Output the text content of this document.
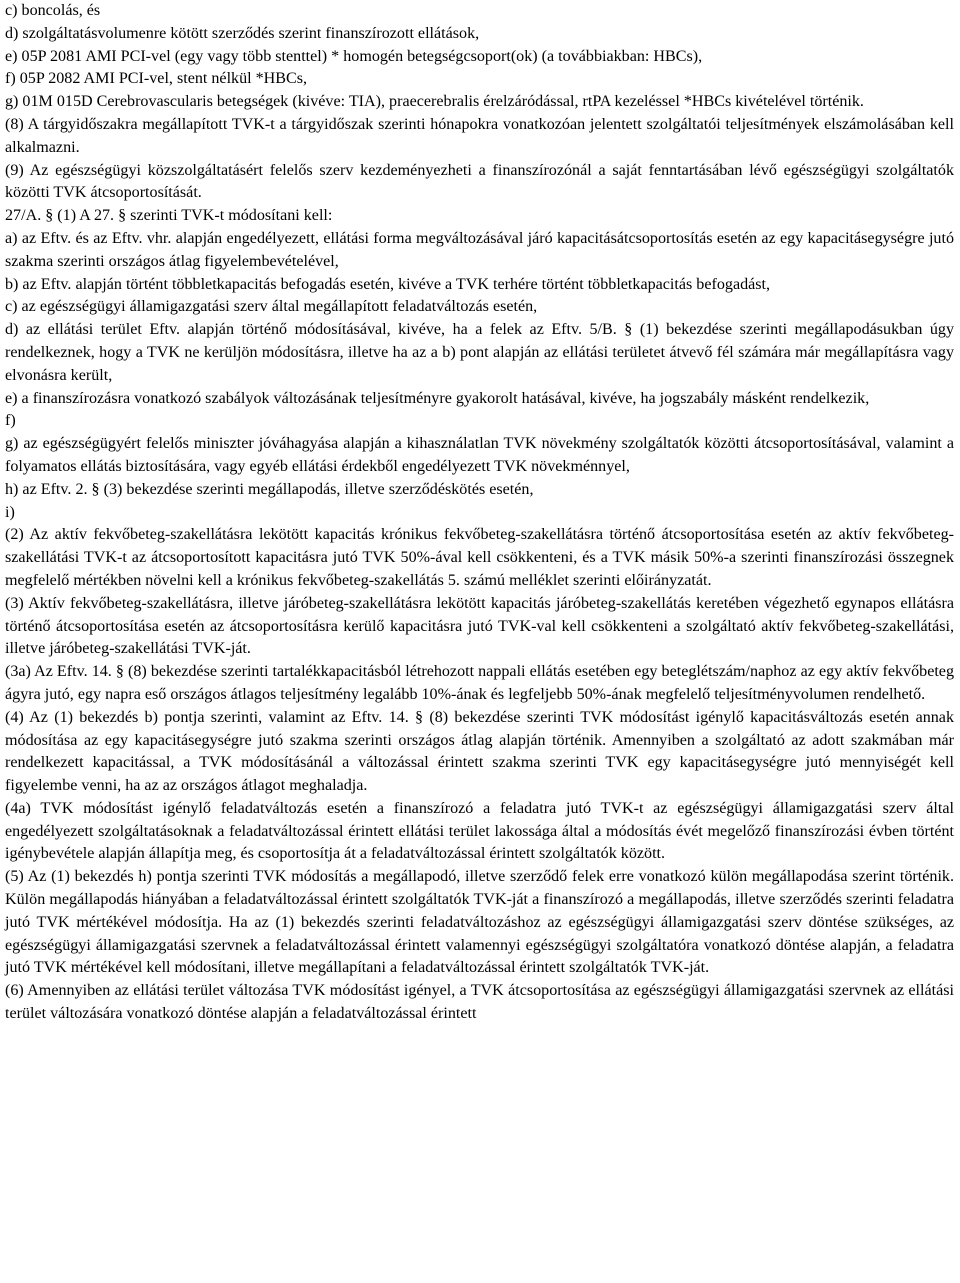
c) boncolás, és

d) szolgáltatásvolumenre kötött szerződés szerint finanszírozott ellátások,

e) 05P 2081 AMI PCI-vel (egy vagy több stenttel) * homogén betegségcsoport(ok) (a továbbiakban: HBCs),

f) 05P 2082 AMI PCI-vel, stent nélkül *HBCs,

g) 01M 015D Cerebrovascularis betegségek (kivéve: TIA), praecerebralis érelzáródással, rtPA kezeléssel *HBCs kivételével történik.

(8) A tárgyidőszakra megállapított TVK-t a tárgyidőszak szerinti hónapokra vonatkozóan jelentett szolgáltatói teljesítmények elszámolásában kell alkalmazni.

(9) Az egészségügyi közszolgáltatásért felelős szerv kezdeményezheti a finanszírozónál a saját fenntartásában lévő egészségügyi szolgáltatók közötti TVK átcsoportosítását.

27/A. § (1) A 27. § szerinti TVK-t módosítani kell:

a) az Eftv. és az Eftv. vhr. alapján engedélyezett, ellátási forma megváltozásával járó kapacitásátcsoportosítás esetén az egy kapacitásegységre jutó szakma szerinti országos átlag figyelembevételével,

b) az Eftv. alapján történt többletkapacitás befogadás esetén, kivéve a TVK terhére történt többletkapacitás befogadást,

c) az egészségügyi államigazgatási szerv által megállapított feladatváltozás esetén,

d) az ellátási terület Eftv. alapján történő módosításával, kivéve, ha a felek az Eftv. 5/B. § (1) bekezdése szerinti megállapodásukban úgy rendelkeznek, hogy a TVK ne kerüljön módosításra, illetve ha az a b) pont alapján az ellátási területet átvevő fél számára már megállapításra vagy elvonásra került,

e) a finanszírozásra vonatkozó szabályok változásának teljesítményre gyakorolt hatásával, kivéve, ha jogszabály másként rendelkezik,

f)

g) az egészségügyért felelős miniszter jóváhagyása alapján a kihasználatlan TVK növekmény szolgáltatók közötti átcsoportosításával, valamint a folyamatos ellátás biztosítására, vagy egyéb ellátási érdekből engedélyezett TVK növekménnyel,

h) az Eftv. 2. § (3) bekezdése szerinti megállapodás, illetve szerződéskötés esetén,

i)

(2) Az aktív fekvőbeteg-szakellátásra lekötött kapacitás krónikus fekvőbeteg-szakellátásra történő átcsoportosítása esetén az aktív fekvőbeteg-szakellátási TVK-t az átcsoportosított kapacitásra jutó TVK 50%-ával kell csökkenteni, és a TVK másik 50%-a szerinti finanszírozási összegnek megfelelő mértékben növelni kell a krónikus fekvőbeteg-szakellátás 5. számú melléklet szerinti előirányzatát.

(3) Aktív fekvőbeteg-szakellátásra, illetve járóbeteg-szakellátásra lekötött kapacitás járóbeteg-szakellátás keretében végezhető egynapos ellátásra történő átcsoportosítása esetén az átcsoportosításra kerülő kapacitásra jutó TVK-val kell csökkenteni a szolgáltató aktív fekvőbeteg-szakellátási, illetve járóbeteg-szakellátási TVK-ját.

(3a) Az Eftv. 14. § (8) bekezdése szerinti tartalékkapacitásból létrehozott nappali ellátás esetében egy beteglétszám/naphoz az egy aktív fekvőbeteg ágyra jutó, egy napra eső országos átlagos teljesítmény legalább 10%-ának és legfeljebb 50%-ának megfelelő teljesítményvolumen rendelhető.

(4) Az (1) bekezdés b) pontja szerinti, valamint az Eftv. 14. § (8) bekezdése szerinti TVK módosítást igénylő kapacitásváltozás esetén annak módosítása az egy kapacitásegységre jutó szakma szerinti országos átlag alapján történik. Amennyiben a szolgáltató az adott szakmában már rendelkezett kapacitással, a TVK módosításánál a változással érintett szakma szerinti TVK egy kapacitásegységre jutó mennyiségét kell figyelembe venni, ha az az országos átlagot meghaladja.

(4a) TVK módosítást igénylő feladatváltozás esetén a finanszírozó a feladatra jutó TVK-t az egészségügyi államigazgatási szerv által engedélyezett szolgáltatásoknak a feladatváltozással érintett ellátási terület lakossága által a módosítás évét megelőző finanszírozási évben történt igénybevétele alapján állapítja meg, és csoportosítja át a feladatváltozással érintett szolgáltatók között.

(5) Az (1) bekezdés h) pontja szerinti TVK módosítás a megállapodó, illetve szerződő felek erre vonatkozó külön megállapodása szerint történik. Külön megállapodás hiányában a feladatváltozással érintett szolgáltatók TVK-ját a finanszírozó a megállapodás, illetve szerződés szerinti feladatra jutó TVK mértékével módosítja. Ha az (1) bekezdés szerinti feladatváltozáshoz az egészségügyi államigazgatási szerv döntése szükséges, az egészségügyi államigazgatási szervnek a feladatváltozással érintett valamennyi egészségügyi szolgáltatóra vonatkozó döntése alapján, a feladatra jutó TVK mértékével kell módosítani, illetve megállapítani a feladatváltozással érintett szolgáltatók TVK-ját.

(6) Amennyiben az ellátási terület változása TVK módosítást igényel, a TVK átcsoportosítása az egészségügyi államigazgatási szervnek az ellátási terület változására vonatkozó döntése alapján a feladatváltozással érintett
